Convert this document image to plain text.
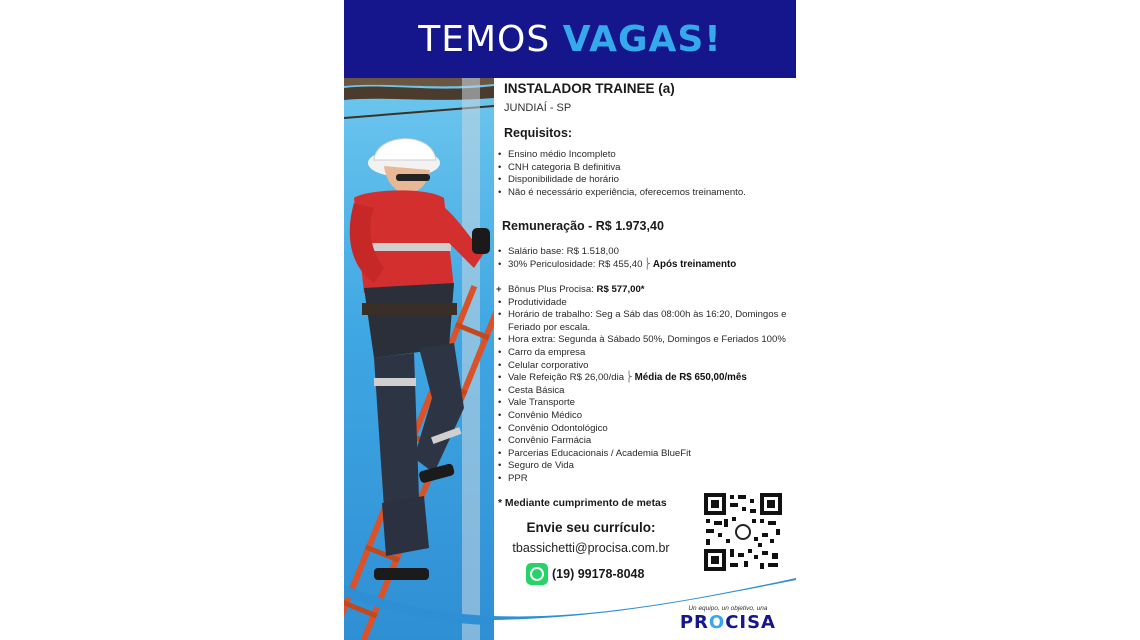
TEMOS VAGAS!
INSTALADOR TRAINEE (a)
JUNDIAÍ - SP
Requisitos:
• Ensino médio Incompleto
• CNH categoria B definitiva
• Disponibilidade de horário
• Não é necessário experiência, oferecemos treinamento.
Remuneração - R$ 1.973,40
• Salário base: R$ 1.518,00
• 30% Periculosidade: R$ 455,40⎬ Após treinamento
+ Bônus Plus Procisa: R$ 577,00*
• Produtividade
• Horário de trabalho: Seg a Sáb das 08:00h às 16:20, Domingos e Feriado por escala.
• Hora extra: Segunda à Sábado 50%, Domingos e Feriados 100%
• Carro da empresa
• Celular corporativo
• Vale Refeição R$ 26,00/dia⎬ Média de R$ 650,00/mês
• Cesta Básica
• Vale Transporte
• Convênio Médico
• Convênio Odontológico
• Convênio Farmácia
• Parcerias Educacionais / Academia BlueFit
• Seguro de Vida
• PPR
* Mediante cumprimento de metas
Envie seu currículo:
tbassichetti@procisa.com.br
(19) 99178-8048
Un equipo, un objetivo, una
PROCISA
